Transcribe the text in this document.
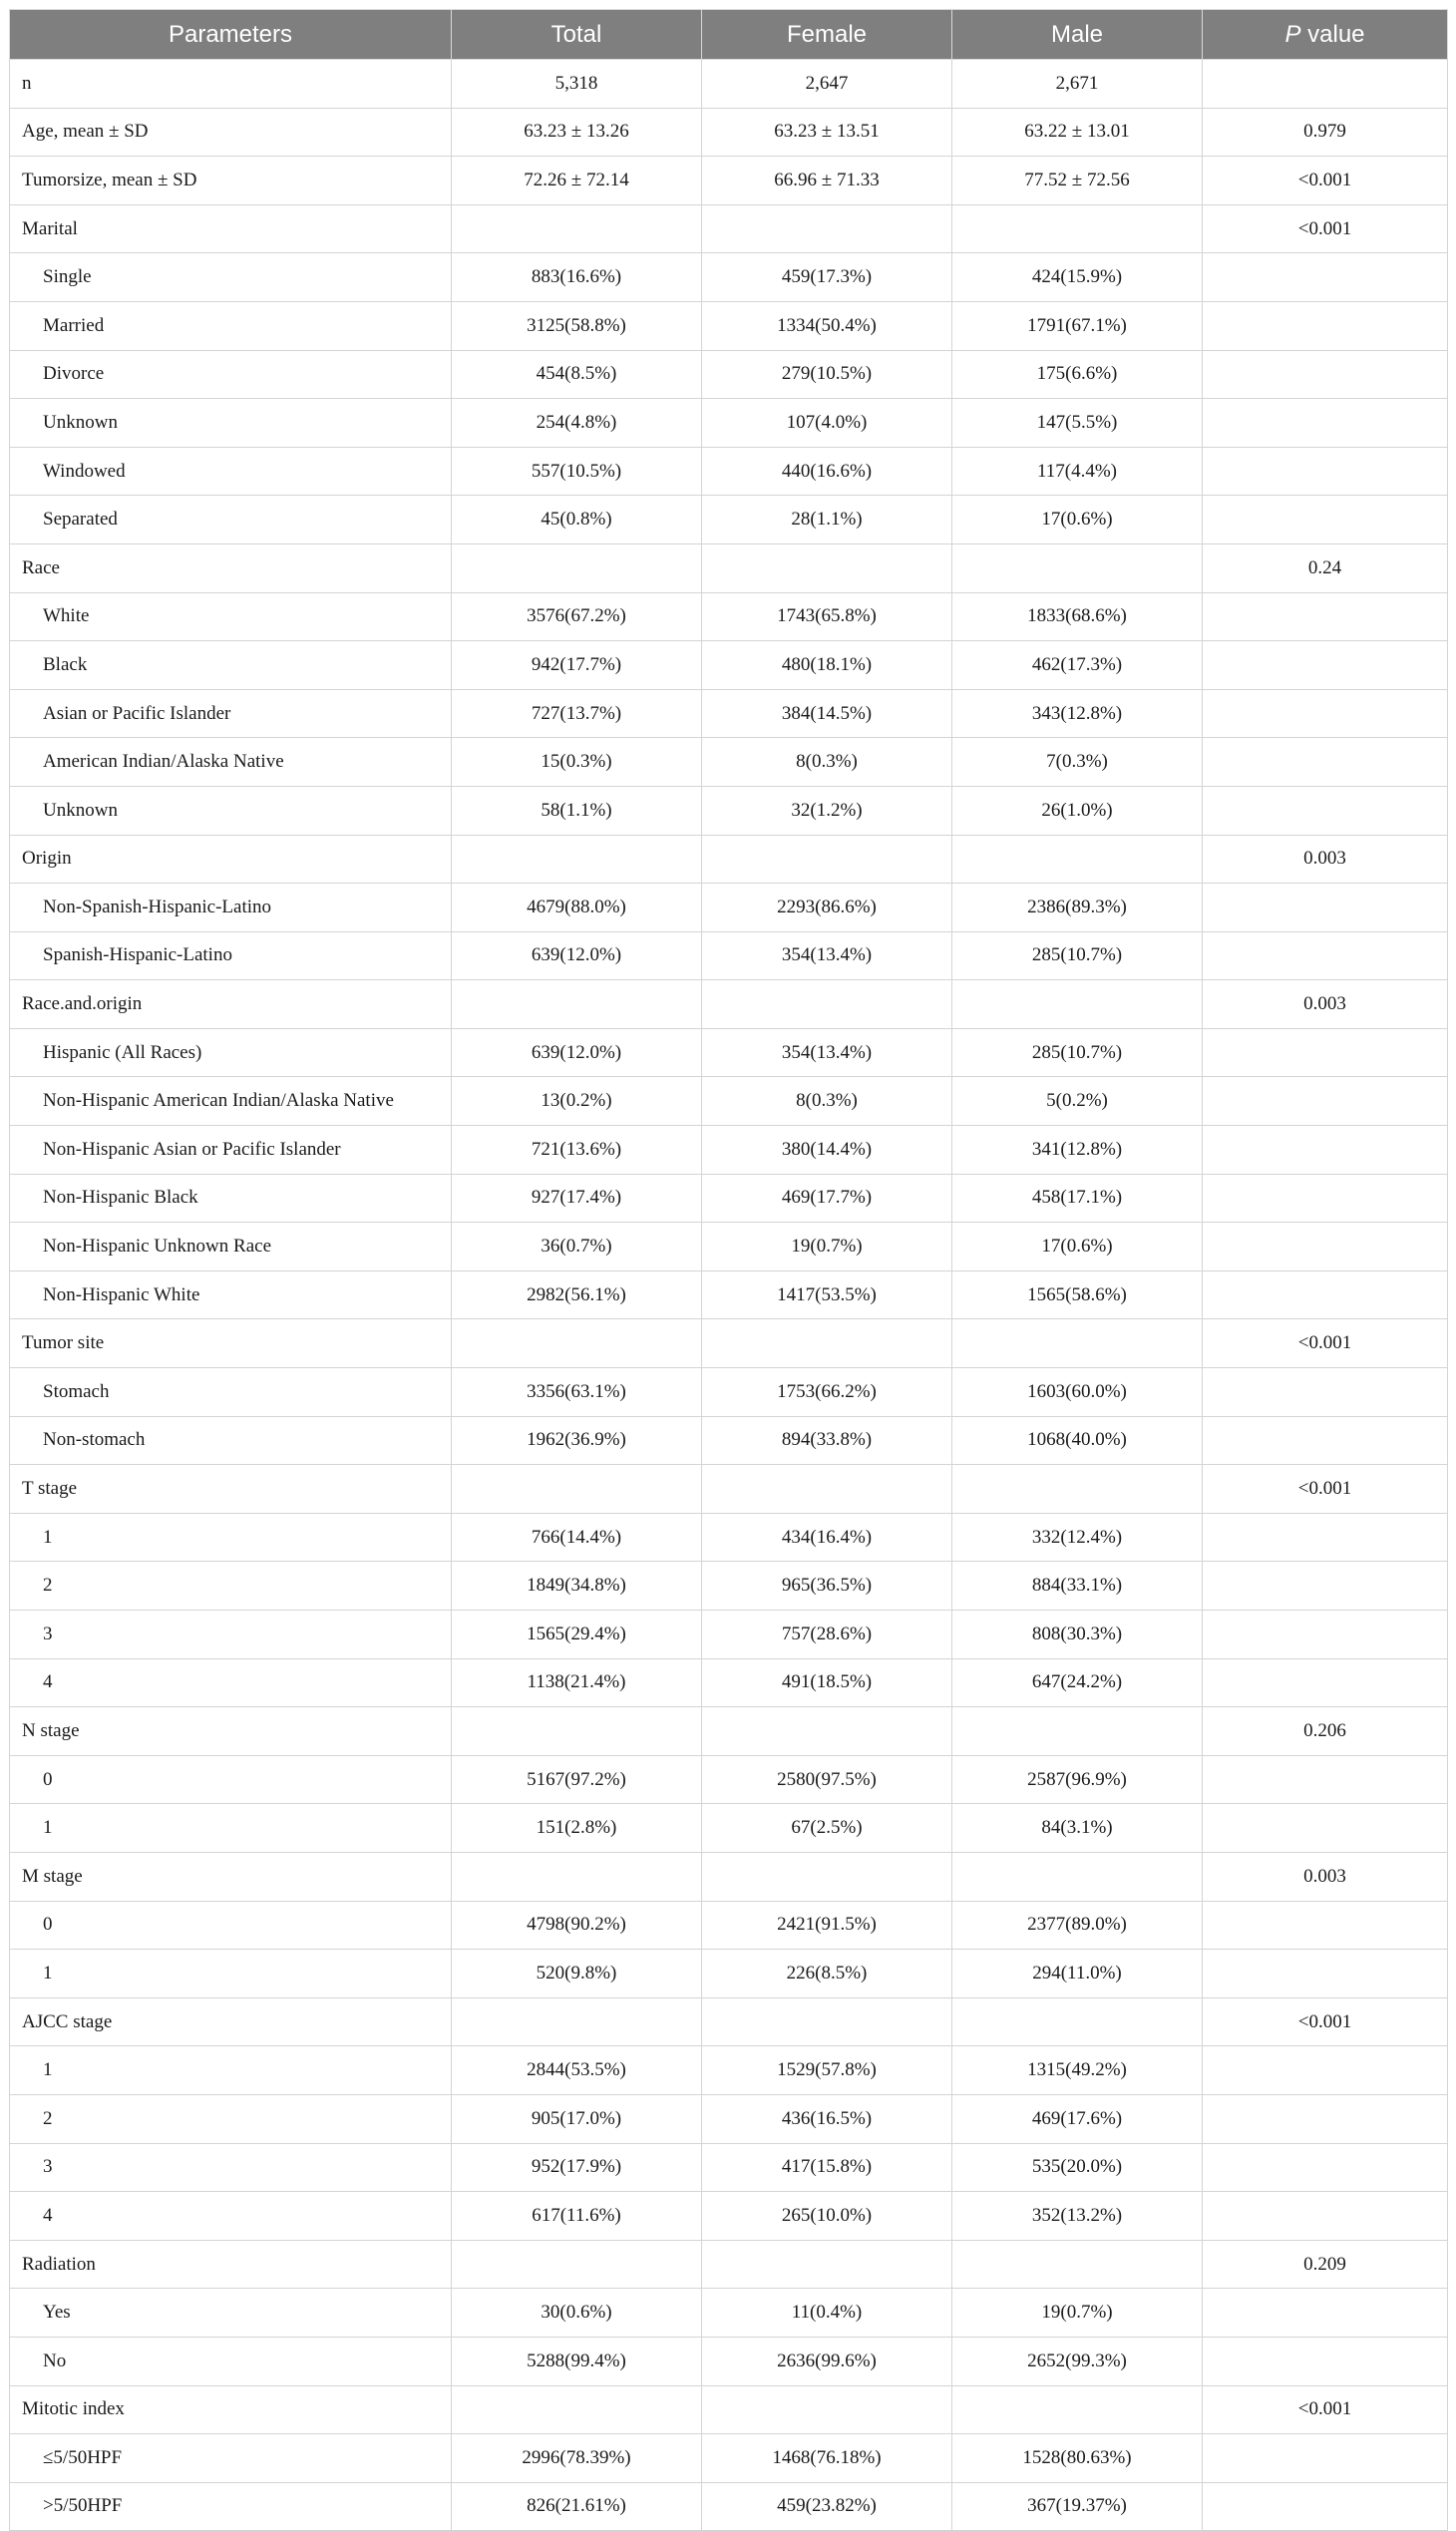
Parameters	Total	Female	Male	P value
n	5,318	2,647	2,671	
Age, mean ± SD	63.23 ± 13.26	63.23 ± 13.51	63.22 ± 13.01	0.979
Tumorsize, mean ± SD	72.26 ± 72.14	66.96 ± 71.33	77.52 ± 72.56	<0.001
Marital				<0.001
Single	883(16.6%)	459(17.3%)	424(15.9%)	
Married	3125(58.8%)	1334(50.4%)	1791(67.1%)	
Divorce	454(8.5%)	279(10.5%)	175(6.6%)	
Unknown	254(4.8%)	107(4.0%)	147(5.5%)	
Windowed	557(10.5%)	440(16.6%)	117(4.4%)	
Separated	45(0.8%)	28(1.1%)	17(0.6%)	
Race				0.24
White	3576(67.2%)	1743(65.8%)	1833(68.6%)	
Black	942(17.7%)	480(18.1%)	462(17.3%)	
Asian or Pacific Islander	727(13.7%)	384(14.5%)	343(12.8%)	
American Indian/Alaska Native	15(0.3%)	8(0.3%)	7(0.3%)	
Unknown	58(1.1%)	32(1.2%)	26(1.0%)	
Origin				0.003
Non-Spanish-Hispanic-Latino	4679(88.0%)	2293(86.6%)	2386(89.3%)	
Spanish-Hispanic-Latino	639(12.0%)	354(13.4%)	285(10.7%)	
Race.and.origin				0.003
Hispanic (All Races)	639(12.0%)	354(13.4%)	285(10.7%)	
Non-Hispanic American Indian/Alaska Native	13(0.2%)	8(0.3%)	5(0.2%)	
Non-Hispanic Asian or Pacific Islander	721(13.6%)	380(14.4%)	341(12.8%)	
Non-Hispanic Black	927(17.4%)	469(17.7%)	458(17.1%)	
Non-Hispanic Unknown Race	36(0.7%)	19(0.7%)	17(0.6%)	
Non-Hispanic White	2982(56.1%)	1417(53.5%)	1565(58.6%)	
Tumor site				<0.001
Stomach	3356(63.1%)	1753(66.2%)	1603(60.0%)	
Non-stomach	1962(36.9%)	894(33.8%)	1068(40.0%)	
T stage				<0.001
1	766(14.4%)	434(16.4%)	332(12.4%)	
2	1849(34.8%)	965(36.5%)	884(33.1%)	
3	1565(29.4%)	757(28.6%)	808(30.3%)	
4	1138(21.4%)	491(18.5%)	647(24.2%)	
N stage				0.206
0	5167(97.2%)	2580(97.5%)	2587(96.9%)	
1	151(2.8%)	67(2.5%)	84(3.1%)	
M stage				0.003
0	4798(90.2%)	2421(91.5%)	2377(89.0%)	
1	520(9.8%)	226(8.5%)	294(11.0%)	
AJCC stage				<0.001
1	2844(53.5%)	1529(57.8%)	1315(49.2%)	
2	905(17.0%)	436(16.5%)	469(17.6%)	
3	952(17.9%)	417(15.8%)	535(20.0%)	
4	617(11.6%)	265(10.0%)	352(13.2%)	
Radiation				0.209
Yes	30(0.6%)	11(0.4%)	19(0.7%)	
No	5288(99.4%)	2636(99.6%)	2652(99.3%)	
Mitotic index				<0.001
≤5/50HPF	2996(78.39%)	1468(76.18%)	1528(80.63%)	
>5/50HPF	826(21.61%)	459(23.82%)	367(19.37%)	
